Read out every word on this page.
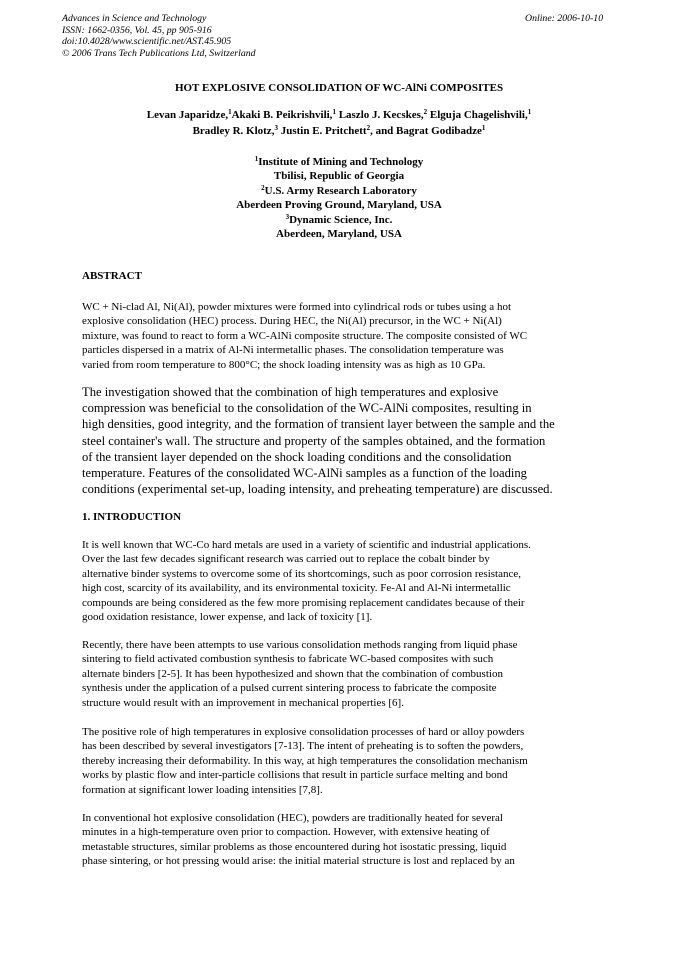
Advances in Science and Technology
ISSN: 1662-0356, Vol. 45, pp 905-916
doi:10.4028/www.scientific.net/AST.45.905
© 2006 Trans Tech Publications Ltd, Switzerland
Online: 2006-10-10
HOT EXPLOSIVE CONSOLIDATION OF WC-AlNi COMPOSITES
Levan Japaridze,$^1$Akaki B. Peikrishvili,$^1$ Laszlo J. Kecskes,$^2$ Elguja Chagelishvili,$^1$
Bradley R. Klotz,$^3$ Justin E. Pritchett$^2$, and Bagrat Godibadze$^1$
$^1$Institute of Mining and Technology
Tbilisi, Republic of Georgia
$^2$U.S. Army Research Laboratory
Aberdeen Proving Ground, Maryland, USA
$^3$Dynamic Science, Inc.
Aberdeen, Maryland, USA
ABSTRACT
WC + Ni-clad Al, Ni(Al), powder mixtures were formed into cylindrical rods or tubes using a hot
explosive consolidation (HEC) process. During HEC, the Ni(Al) precursor, in the WC + Ni(Al)
mixture, was found to react to form a WC-AlNi composite structure. The composite consisted of WC
particles dispersed in a matrix of Al-Ni intermetallic phases. The consolidation temperature was
varied from room temperature to 800°C; the shock loading intensity was as high as 10 GPa.
The investigation showed that the combination of high temperatures and explosive
compression was beneficial to the consolidation of the WC-AlNi composites, resulting in
high densities, good integrity, and the formation of transient layer between the sample and the
steel container's wall. The structure and property of the samples obtained, and the formation
of the transient layer depended on the shock loading conditions and the consolidation
temperature. Features of the consolidated WC-AlNi samples as a function of the loading
conditions (experimental set-up, loading intensity, and preheating temperature) are discussed.
1. INTRODUCTION
It is well known that WC-Co hard metals are used in a variety of scientific and industrial applications.
Over the last few decades significant research was carried out to replace the cobalt binder by
alternative binder systems to overcome some of its shortcomings, such as poor corrosion resistance,
high cost, scarcity of its availability, and its environmental toxicity. Fe-Al and Al-Ni intermetallic
compounds are being considered as the few more promising replacement candidates because of their
good oxidation resistance, lower expense, and lack of toxicity [1].
Recently, there have been attempts to use various consolidation methods ranging from liquid phase
sintering to field activated combustion synthesis to fabricate WC-based composites with such
alternate binders [2-5]. It has been hypothesized and shown that the combination of combustion
synthesis under the application of a pulsed current sintering process to fabricate the composite
structure would result with an improvement in mechanical properties [6].
The positive role of high temperatures in explosive consolidation processes of hard or alloy powders
has been described by several investigators [7-13]. The intent of preheating is to soften the powders,
thereby increasing their deformability. In this way, at high temperatures the consolidation mechanism
works by plastic flow and inter-particle collisions that result in particle surface melting and bond
formation at significant lower loading intensities [7,8].
In conventional hot explosive consolidation (HEC), powders are traditionally heated for several
minutes in a high-temperature oven prior to compaction. However, with extensive heating of
metastable structures, similar problems as those encountered during hot isostatic pressing, liquid
phase sintering, or hot pressing would arise: the initial material structure is lost and replaced by an
